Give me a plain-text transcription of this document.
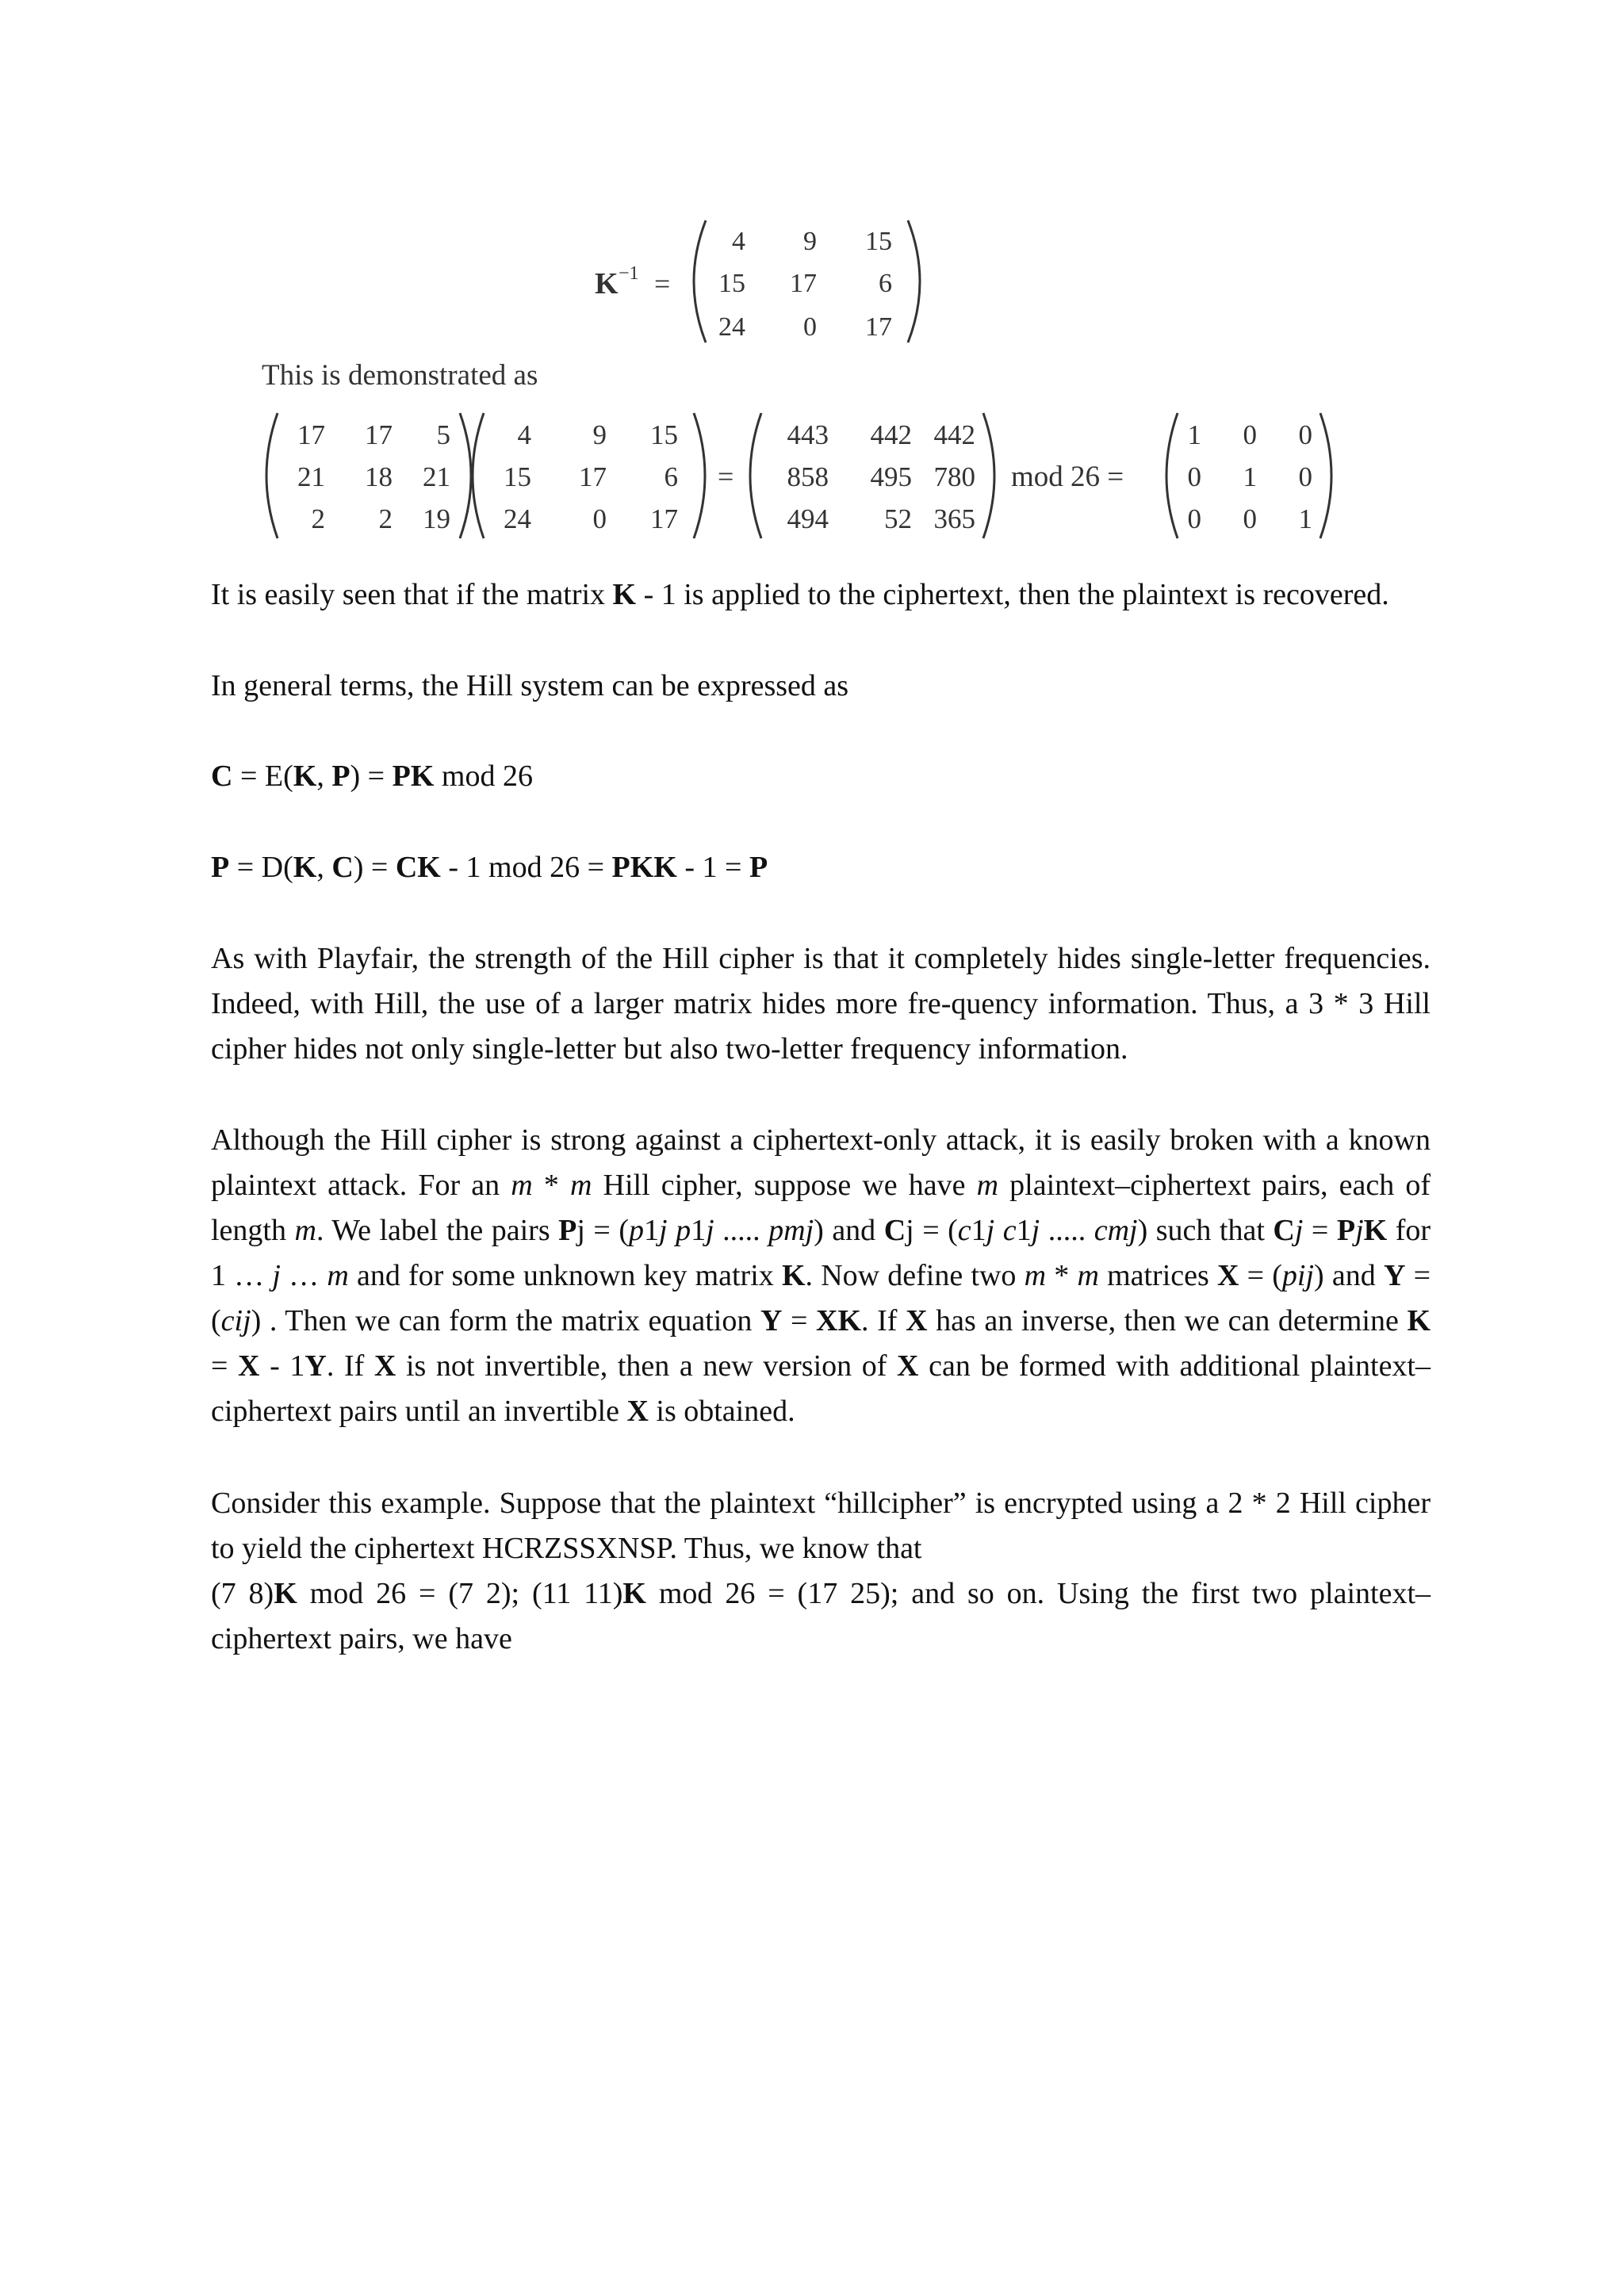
K −1 =
4 9 15
15 17 6
24 0 17
This is demonstrated as
17 17 5
21 18 21
2 2 19
4 9 15
15 17 6
24 0 17
=
443 442 442
858 495 780
494 52 365
mod 26 =
1 0 0
0 1 0
0 0 1

It is easily seen that if the matrix K - 1 is applied to the ciphertext, then the plaintext is recovered.

In general terms, the Hill system can be expressed as

C = E(K, P) = PK mod 26

P = D(K, C) = CK - 1 mod 26 = PKK - 1 = P

As with Playfair, the strength of the Hill cipher is that it completely hides single-letter frequencies. Indeed, with Hill, the use of a larger matrix hides more fre-quency information. Thus, a 3 * 3 Hill cipher hides not only single-letter but also two-letter frequency information.

Although the Hill cipher is strong against a ciphertext-only attack, it is easily broken with a known plaintext attack. For an m * m Hill cipher, suppose we have m plaintext–ciphertext pairs, each of length m. We label the pairs Pj = (p1j p1j ..... pmj) and Cj = (c1j c1j ..... cmj) such that Cj = PjK for 1 … j … m and for some unknown key matrix K. Now define two m * m matrices X = (pij) and Y = (cij) . Then we can form the matrix equation Y = XK. If X has an inverse, then we can determine K = X - 1Y. If X is not invertible, then a new version of X can be formed with additional plaintext–ciphertext pairs until an invertible X is obtained.

Consider this example. Suppose that the plaintext “hillcipher” is encrypted using a 2 * 2 Hill cipher to yield the ciphertext HCRZSSXNSP. Thus, we know that

(7 8)K mod 26 = (7 2); (11 11)K mod 26 = (17 25); and so on. Using the first two plaintext–ciphertext pairs, we have
